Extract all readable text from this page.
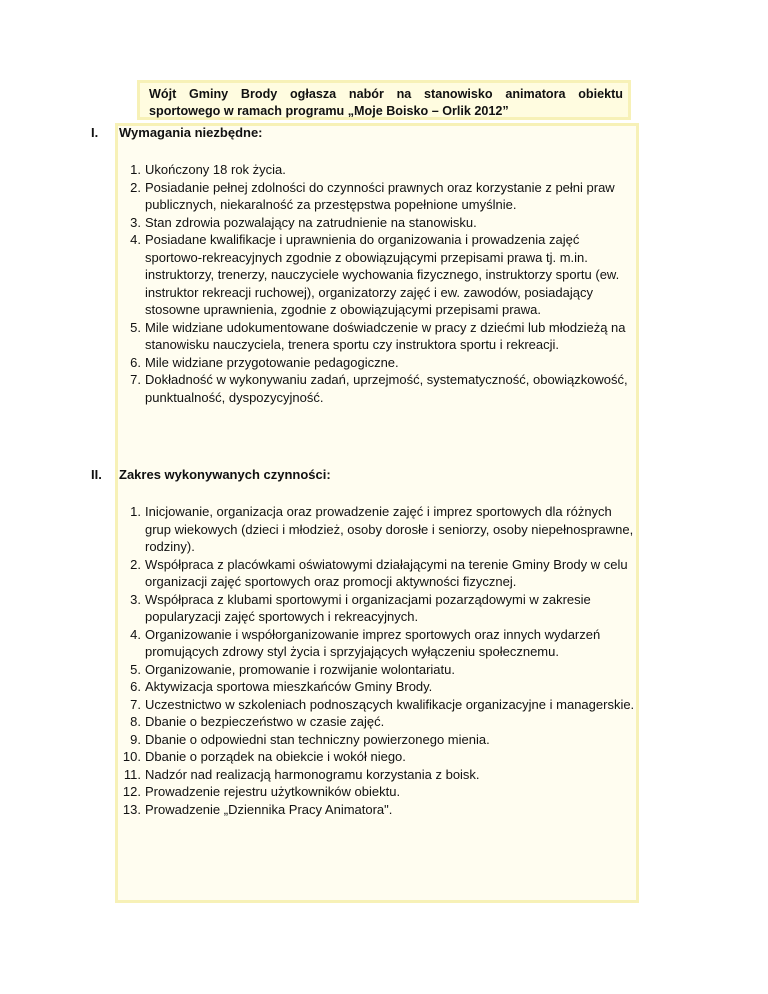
Wójt Gminy Brody ogłasza nabór na stanowisko animatora obiektu sportowego w ramach programu „Moje Boisko – Orlik 2012”
I. Wymagania niezbędne:
1. Ukończony 18 rok życia.
2. Posiadanie pełnej zdolności do czynności prawnych oraz korzystanie z pełni praw publicznych, niekaralność za przestępstwa popełnione umyślnie.
3. Stan zdrowia pozwalający na zatrudnienie na stanowisku.
4. Posiadane kwalifikacje i uprawnienia do organizowania i prowadzenia zajęć sportowo-rekreacyjnych zgodnie z obowiązującymi przepisami prawa tj. m.in. instruktorzy, trenerzy, nauczyciele wychowania fizycznego, instruktorzy sportu (ew. instruktor rekreacji ruchowej), organizatorzy zajęć i ew. zawodów, posiadający stosowne uprawnienia, zgodnie z obowiązującymi przepisami prawa.
5. Mile widziane udokumentowane doświadczenie w pracy z dziećmi lub młodzieżą na stanowisku nauczyciela, trenera sportu czy instruktora sportu i rekreacji.
6. Mile widziane przygotowanie pedagogiczne.
7. Dokładność w wykonywaniu zadań, uprzejmość, systematyczność, obowiązkowość, punktualność, dyspozycyjność.
II. Zakres wykonywanych czynności:
1. Inicjowanie, organizacja oraz prowadzenie zajęć i imprez sportowych dla różnych grup wiekowych (dzieci i młodzież, osoby dorosłe i seniorzy, osoby niepełnosprawne, rodziny).
2. Współpraca z placówkami oświatowymi działającymi na terenie Gminy Brody w celu organizacji zajęć sportowych oraz promocji aktywności fizycznej.
3. Współpraca z klubami sportowymi i organizacjami pozarządowymi w zakresie popularyzacji zajęć sportowych i rekreacyjnych.
4. Organizowanie i współorganizowanie imprez sportowych oraz innych wydarzeń promujących zdrowy styl życia i sprzyjających wyłączeniu społecznemu.
5. Organizowanie, promowanie i rozwijanie wolontariatu.
6. Aktywizacja sportowa mieszkańców Gminy Brody.
7. Uczestnictwo w szkoleniach podnoszących kwalifikacje organizacyjne i managerskie.
8. Dbanie o bezpieczeństwo w czasie zajęć.
9. Dbanie o odpowiedni stan techniczny powierzonego mienia.
10. Dbanie o porządek na obiekcie i wokół niego.
11. Nadzór nad realizacją harmonogramu korzystania z boisk.
12. Prowadzenie rejestru użytkowników obiektu.
13. Prowadzenie „Dziennika Pracy Animatora".
